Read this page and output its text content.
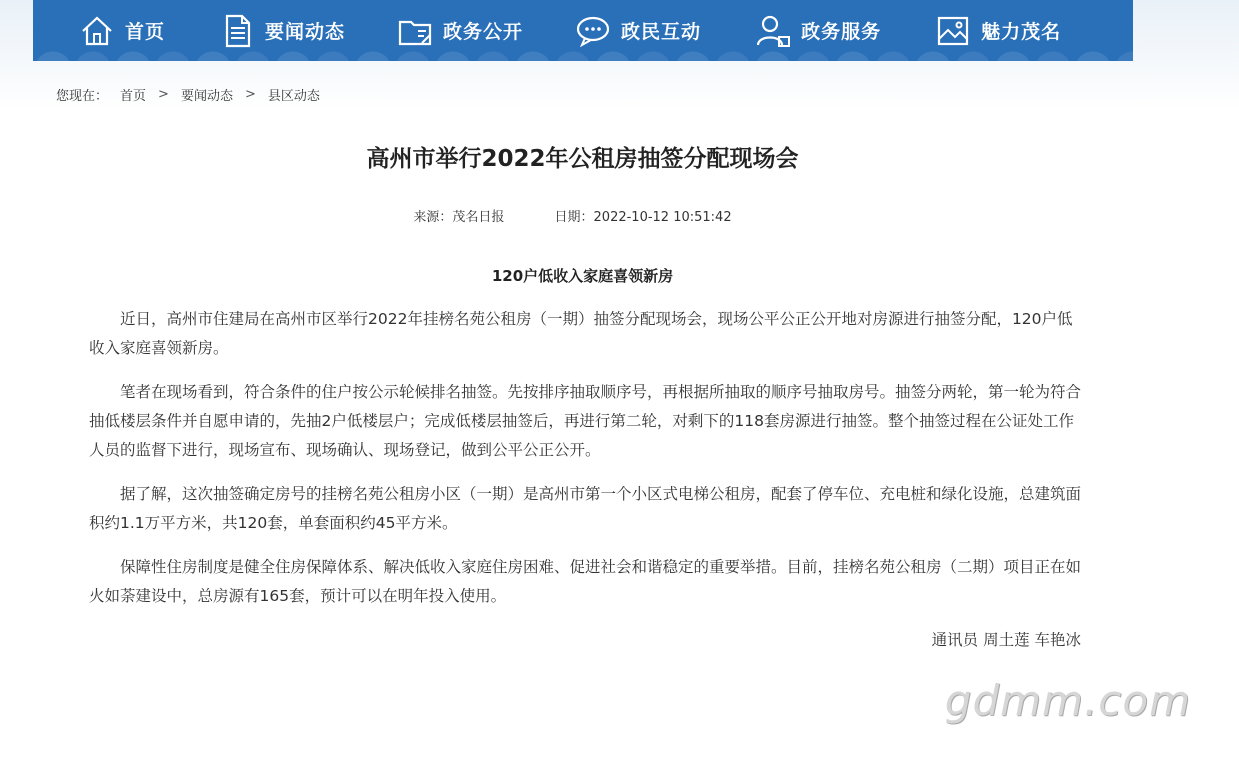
首页	要闻动态	政务公开	政民互动	政务服务	魅力茂名
您现在： 首页 > 要闻动态 > 县区动态
高州市举行2022年公租房抽签分配现场会
来源：茂名日报	日期：2022-10-12 10:51:42
120户低收入家庭喜领新房

近日，高州市住建局在高州市区举行2022年挂榜名苑公租房（一期）抽签分配现场会，现场公平公正公开地对房源进行抽签分配，120户低收入家庭喜领新房。

笔者在现场看到，符合条件的住户按公示轮候排名抽签。先按排序抽取顺序号，再根据所抽取的顺序号抽取房号。抽签分两轮，第一轮为符合抽低楼层条件并自愿申请的，先抽2户低楼层户；完成低楼层抽签后，再进行第二轮，对剩下的118套房源进行抽签。整个抽签过程在公证处工作人员的监督下进行，现场宣布、现场确认、现场登记，做到公平公正公开。

据了解，这次抽签确定房号的挂榜名苑公租房小区（一期）是高州市第一个小区式电梯公租房，配套了停车位、充电桩和绿化设施，总建筑面积约1.1万平方米，共120套，单套面积约45平方米。

保障性住房制度是健全住房保障体系、解决低收入家庭住房困难、促进社会和谐稳定的重要举措。目前，挂榜名苑公租房（二期）项目正在如火如荼建设中，总房源有165套，预计可以在明年投入使用。

通讯员 周土莲 车艳冰

gdmm.com
